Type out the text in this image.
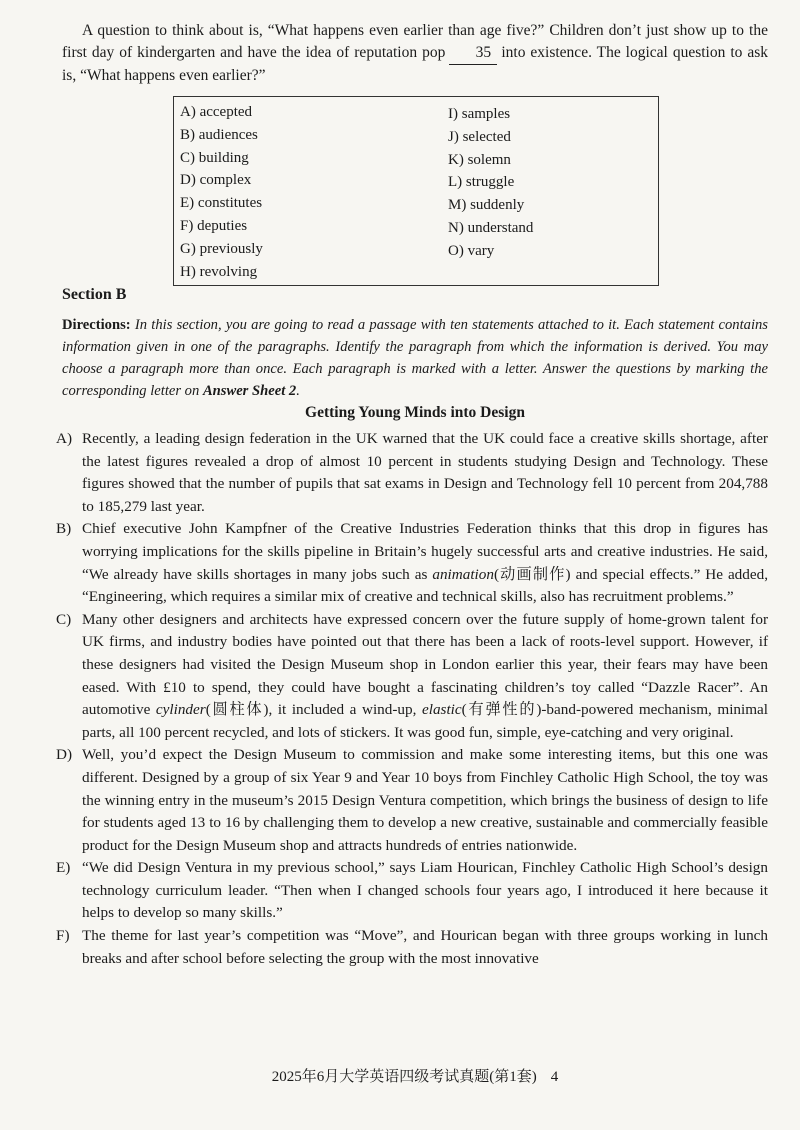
A question to think about is, “What happens even earlier than age five?” Children don’t just show up to the first day of kindergarten and have the idea of reputation pop 35 into existence. The logical question to ask is, “What happens even earlier?”

A) accepted
B) audiences
C) building
D) complex
E) constitutes
F) deputies
G) previously
H) revolving
I) samples
J) selected
K) solemn
L) struggle
M) suddenly
N) understand
O) vary
Section B

Directions: In this section, you are going to read a passage with ten statements attached to it. Each statement contains information given in one of the paragraphs. Identify the paragraph from which the information is derived. You may choose a paragraph more than once. Each paragraph is marked with a letter. Answer the questions by marking the corresponding letter on Answer Sheet 2.

Getting Young Minds into Design

A) Recently, a leading design federation in the UK warned that the UK could face a creative skills shortage, after the latest figures revealed a drop of almost 10 percent in students studying Design and Technology. These figures showed that the number of pupils that sat exams in Design and Technology fell 10 percent from 204,788 to 185,279 last year.

B) Chief executive John Kampfner of the Creative Industries Federation thinks that this drop in figures has worrying implications for the skills pipeline in Britain’s hugely successful arts and creative industries. He said, “We already have skills shortages in many jobs such as animation(动画制作) and special effects.” He added, “Engineering, which requires a similar mix of creative and technical skills, also has recruitment problems.”

C) Many other designers and architects have expressed concern over the future supply of home-grown talent for UK firms, and industry bodies have pointed out that there has been a lack of roots-level support. However, if these designers had visited the Design Museum shop in London earlier this year, their fears may have been eased. With £10 to spend, they could have bought a fascinating children’s toy called “Dazzle Racer”. An automotive cylinder(圆柱体), it included a wind-up, elastic(有弹性的)-band-powered mechanism, minimal parts, all 100 percent recycled, and lots of stickers. It was good fun, simple, eye-catching and very original.

D) Well, you’d expect the Design Museum to commission and make some interesting items, but this one was different. Designed by a group of six Year 9 and Year 10 boys from Finchley Catholic High School, the toy was the winning entry in the museum’s 2015 Design Ventura competition, which brings the business of design to life for students aged 13 to 16 by challenging them to develop a new creative, sustainable and commercially feasible product for the Design Museum shop and attracts hundreds of entries nationwide.

E) “We did Design Ventura in my previous school,” says Liam Hourican, Finchley Catholic High School’s design technology curriculum leader. “Then when I changed schools four years ago, I introduced it here because it helps to develop so many skills.”

F) The theme for last year’s competition was “Move”, and Hourican began with three groups working in lunch breaks and after school before selecting the group with the most innovative

2025年6月大学英语四级考试真题(第1套) 4
